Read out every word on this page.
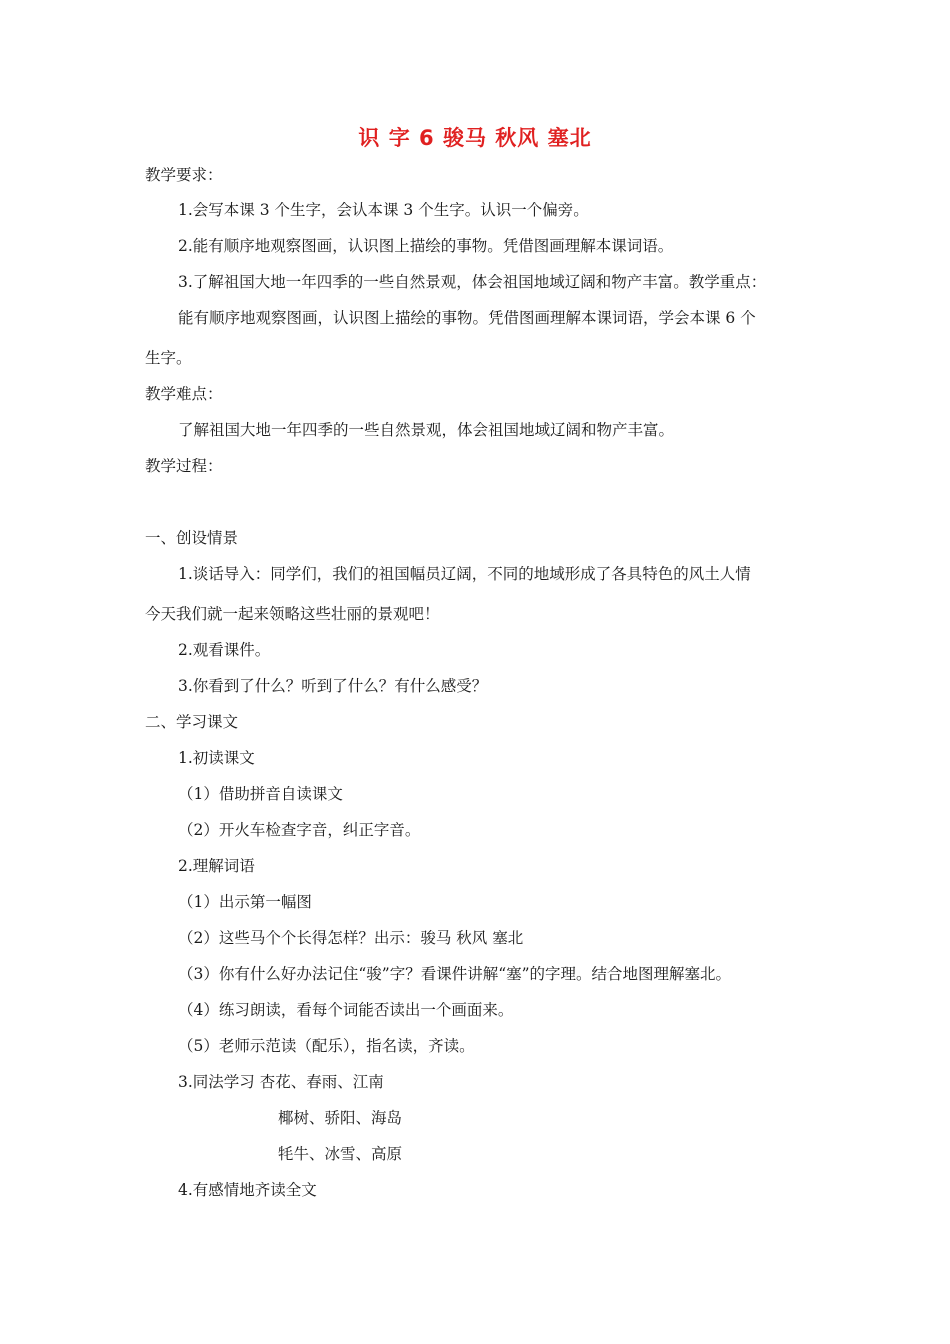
识 字 6 骏马 秋风 塞北
教学要求：
1.会写本课 3 个生字，会认本课 3 个生字。认识一个偏旁。
2.能有顺序地观察图画，认识图上描绘的事物。凭借图画理解本课词语。
3.了解祖国大地一年四季的一些自然景观，体会祖国地域辽阔和物产丰富。教学重点：
能有顺序地观察图画，认识图上描绘的事物。凭借图画理解本课词语，学会本课 6 个
生字。
教学难点：
了解祖国大地一年四季的一些自然景观，体会祖国地域辽阔和物产丰富。
教学过程：
一、创设情景
1.谈话导入：同学们，我们的祖国幅员辽阔，不同的地域形成了各具特色的风土人情
今天我们就一起来领略这些壮丽的景观吧！
2.观看课件。
3.你看到了什么？听到了什么？有什么感受？
二、学习课文
1.初读课文
（1）借助拼音自读课文
（2）开火车检查字音，纠正字音。
2.理解词语
（1）出示第一幅图
（2）这些马个个长得怎样？出示：骏马 秋风 塞北
（3）你有什么好办法记住“骏”字？看课件讲解“塞”的字理。结合地图理解塞北。
（4）练习朗读，看每个词能否读出一个画面来。
（5）老师示范读（配乐），指名读，齐读。
3.同法学习 杏花、春雨、江南
椰树、骄阳、海岛
牦牛、冰雪、高原
4.有感情地齐读全文
